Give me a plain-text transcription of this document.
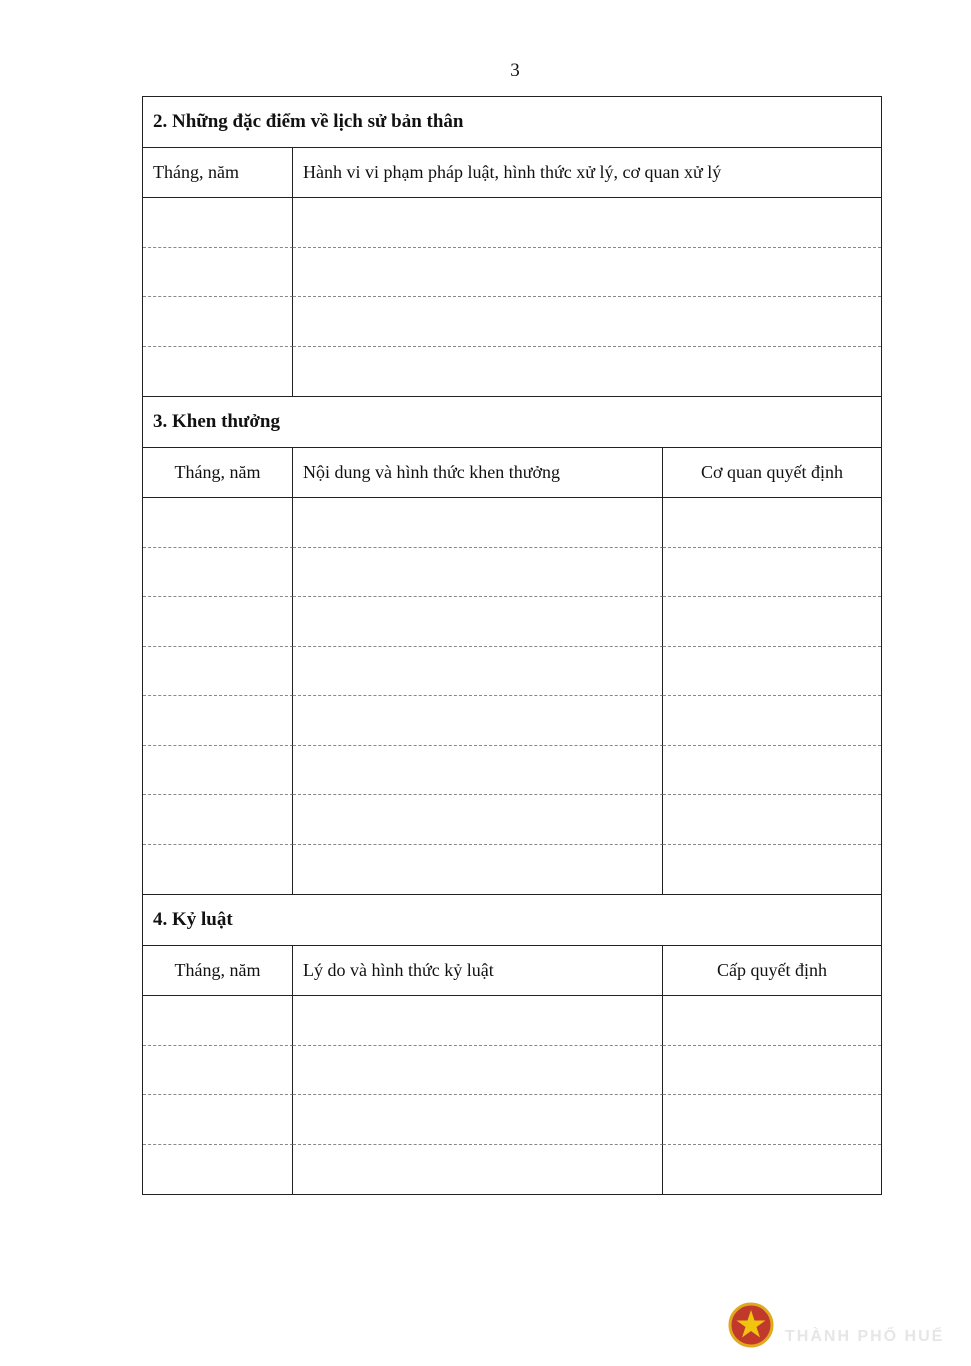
3
2. Những đặc điểm về lịch sử bản thân
Tháng, năm	Hành vi vi phạm pháp luật, hình thức xử lý, cơ quan xử lý
3. Khen thưởng
Tháng, năm	Nội dung và hình thức khen thưởng	Cơ quan quyết định
4. Kỷ luật
Tháng, năm	Lý do và hình thức kỷ luật	Cấp quyết định
THÀNH PHỐ HUẾ
